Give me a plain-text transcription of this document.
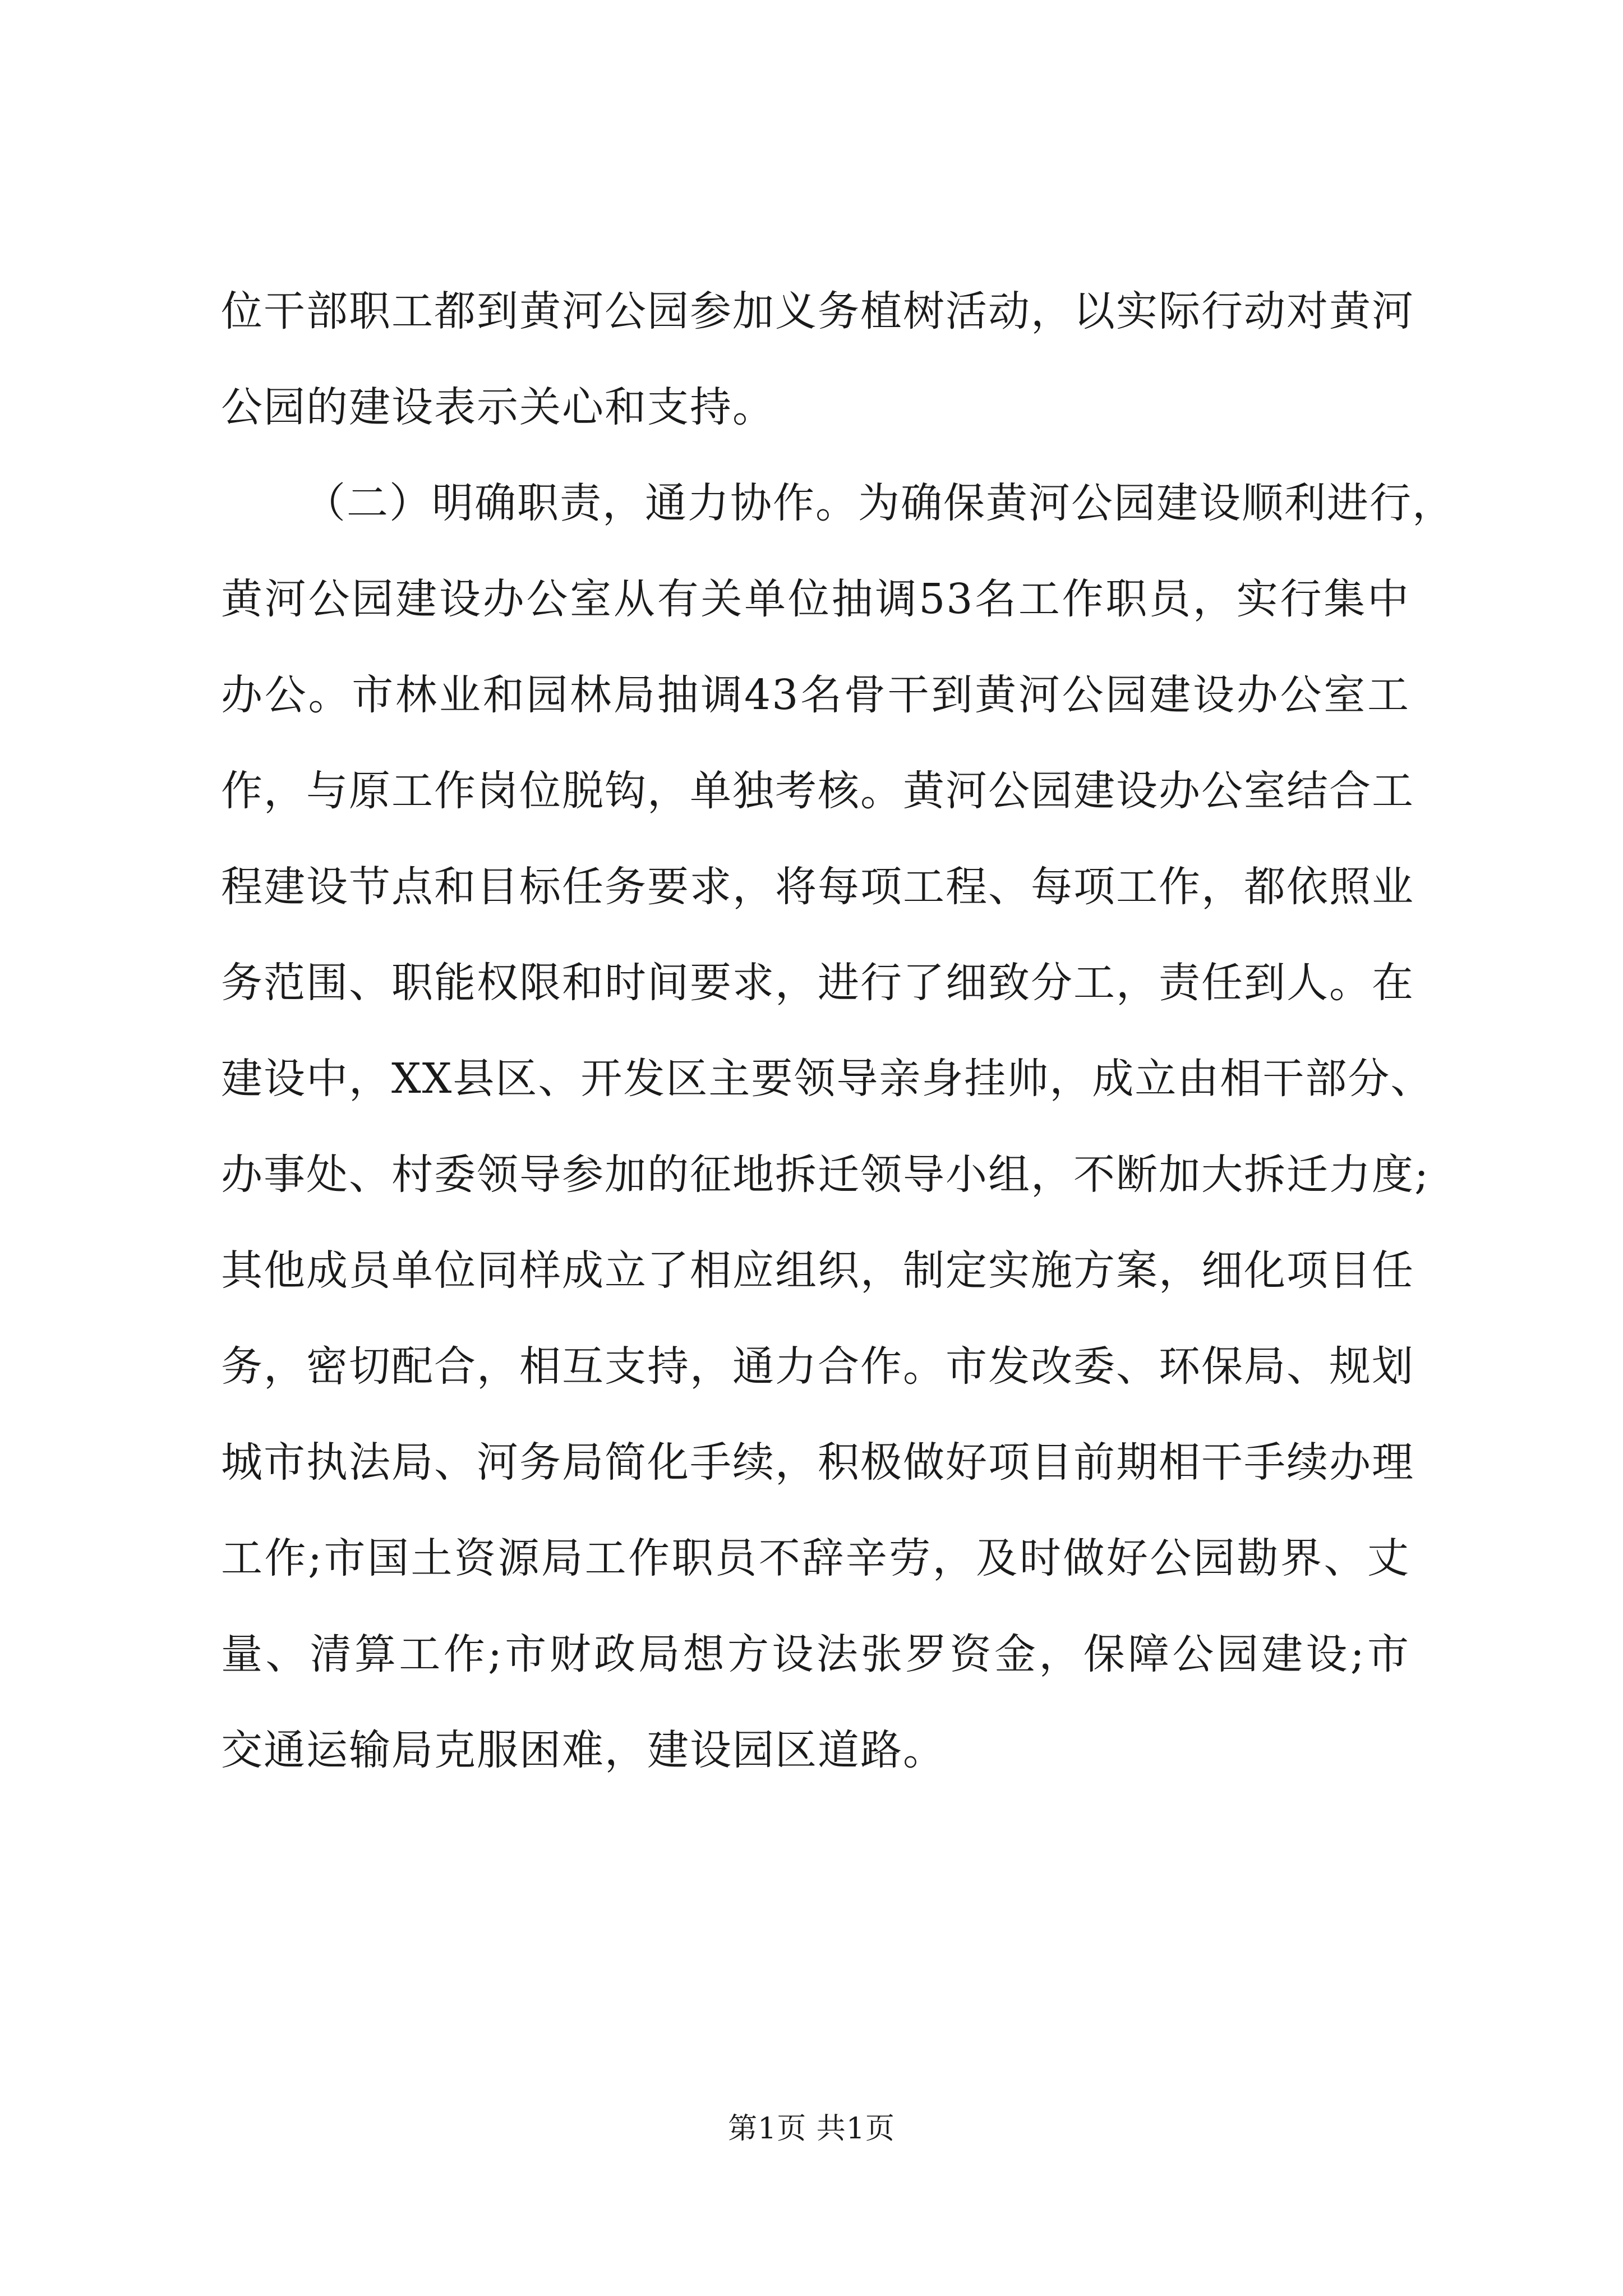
位干部职工都到黄河公园参加义务植树活动，以实际行动对黄河
公园的建设表示关心和支持。
（二）明确职责，通力协作。为确保黄河公园建设顺利进行，
黄河公园建设办公室从有关单位抽调53名工作职员，实行集中
办公。市林业和园林局抽调43名骨干到黄河公园建设办公室工
作，与原工作岗位脱钩，单独考核。黄河公园建设办公室结合工
程建设节点和目标任务要求，将每项工程、每项工作，都依照业
务范围、职能权限和时间要求，进行了细致分工，责任到人。在
建设中，XX县区、开发区主要领导亲身挂帅，成立由相干部分、
办事处、村委领导参加的征地拆迁领导小组，不断加大拆迁力度;
其他成员单位同样成立了相应组织，制定实施方案，细化项目任
务，密切配合，相互支持，通力合作。市发改委、环保局、规划
城市执法局、河务局简化手续，积极做好项目前期相干手续办理
工作;市国土资源局工作职员不辞辛劳，及时做好公园勘界、丈
量、清算工作;市财政局想方设法张罗资金，保障公园建设;市
交通运输局克服困难，建设园区道路。
第1页 共1页
